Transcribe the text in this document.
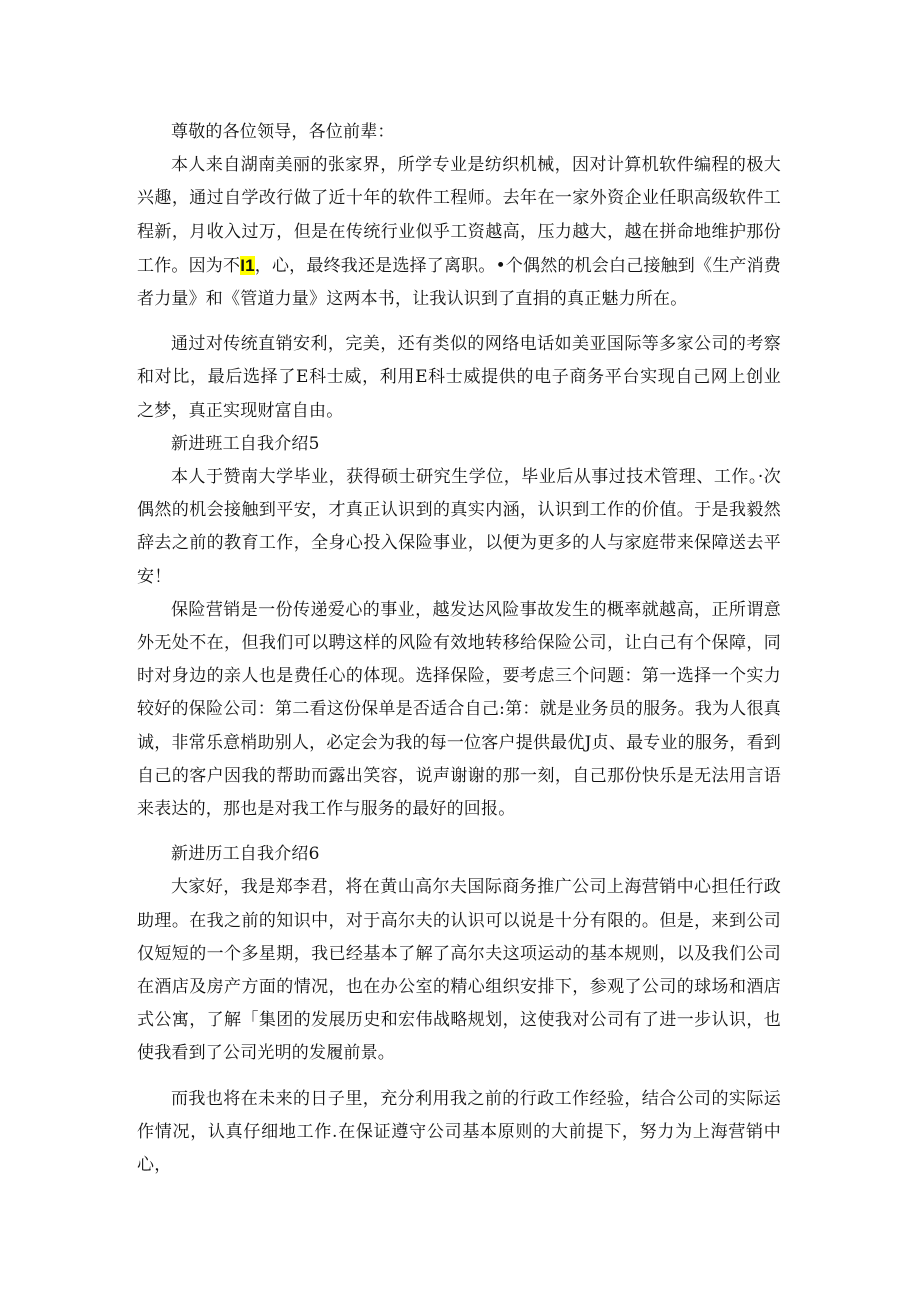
尊敬的各位领导，各位前辈：

本人来自湖南美丽的张家界，所学专业是纺织机械，因对计算机软件编程的极大兴趣，通过自学改行做了近十年的软件工程师。去年在一家外资企业任职高级软件工程新，月收入过万，但是在传统行业似乎工资越高，压力越大，越在拼命地维护那份工作。因为不I1，心，最终我还是选择了离职。•个偶然的机会白己接触到《生产消费者力量》和《管道力量》这两本书，让我认识到了直捐的真正魅力所在。

通过对传统直销安利，完美，还有类似的网络电话如美亚国际等多家公司的考察和对比，最后选择了E科士威，利用E科士威提供的电子商务平台实现自己网上创业之梦，真正实现财富自由。

新进班工自我介绍5

本人于赞南大学毕业，获得硕士研究生学位，毕业后从事过技术管理、工作。·次偶然的机会接触到平安，才真正认识到的真实内涵，认识到工作的价值。于是我毅然辞去之前的教育工作，全身心投入保险事业，以便为更多的人与家庭带来保障送去平安！

保险营销是一份传递爱心的事业，越发达风险事故发生的概率就越高，正所谓意外无处不在，但我们可以聘这样的风险有效地转移给保险公司，让白己有个保障，同时对身边的亲人也是费任心的体现。选择保险，要考虑三个问题：第一选择一个实力较好的保险公司：第二看这份保单是否适合自己:第：就是业务员的服务。我为人很真诚，非常乐意梢助别人，必定会为我的每一位客户提供最优J贞、最专业的服务，看到自己的客户因我的帮助而露出笑容，说声谢谢的那一刻，自己那份快乐是无法用言语来表达的，那也是对我工作与服务的最好的回报。

新进历工自我介绍6

大家好，我是郑李君，将在黄山高尔夫国际商务推广公司上海营销中心担任行政助理。在我之前的知识中，对于高尔夫的认识可以说是十分有限的。但是，来到公司仅短短的一个多星期，我已经基本了解了高尔夫这项运动的基本规则，以及我们公司在酒店及房产方面的情况，也在办公室的精心组织安排下，参观了公司的球场和酒店式公寓，了解「集团的发展历史和宏伟战略规划，这使我对公司有了进一步认识，也使我看到了公司光明的发履前景。

而我也将在未来的日子里，充分利用我之前的行政工作经验，结合公司的实际运作情况，认真仔细地工作.在保证遵守公司基本原则的大前提下，努力为上海营销中心，
